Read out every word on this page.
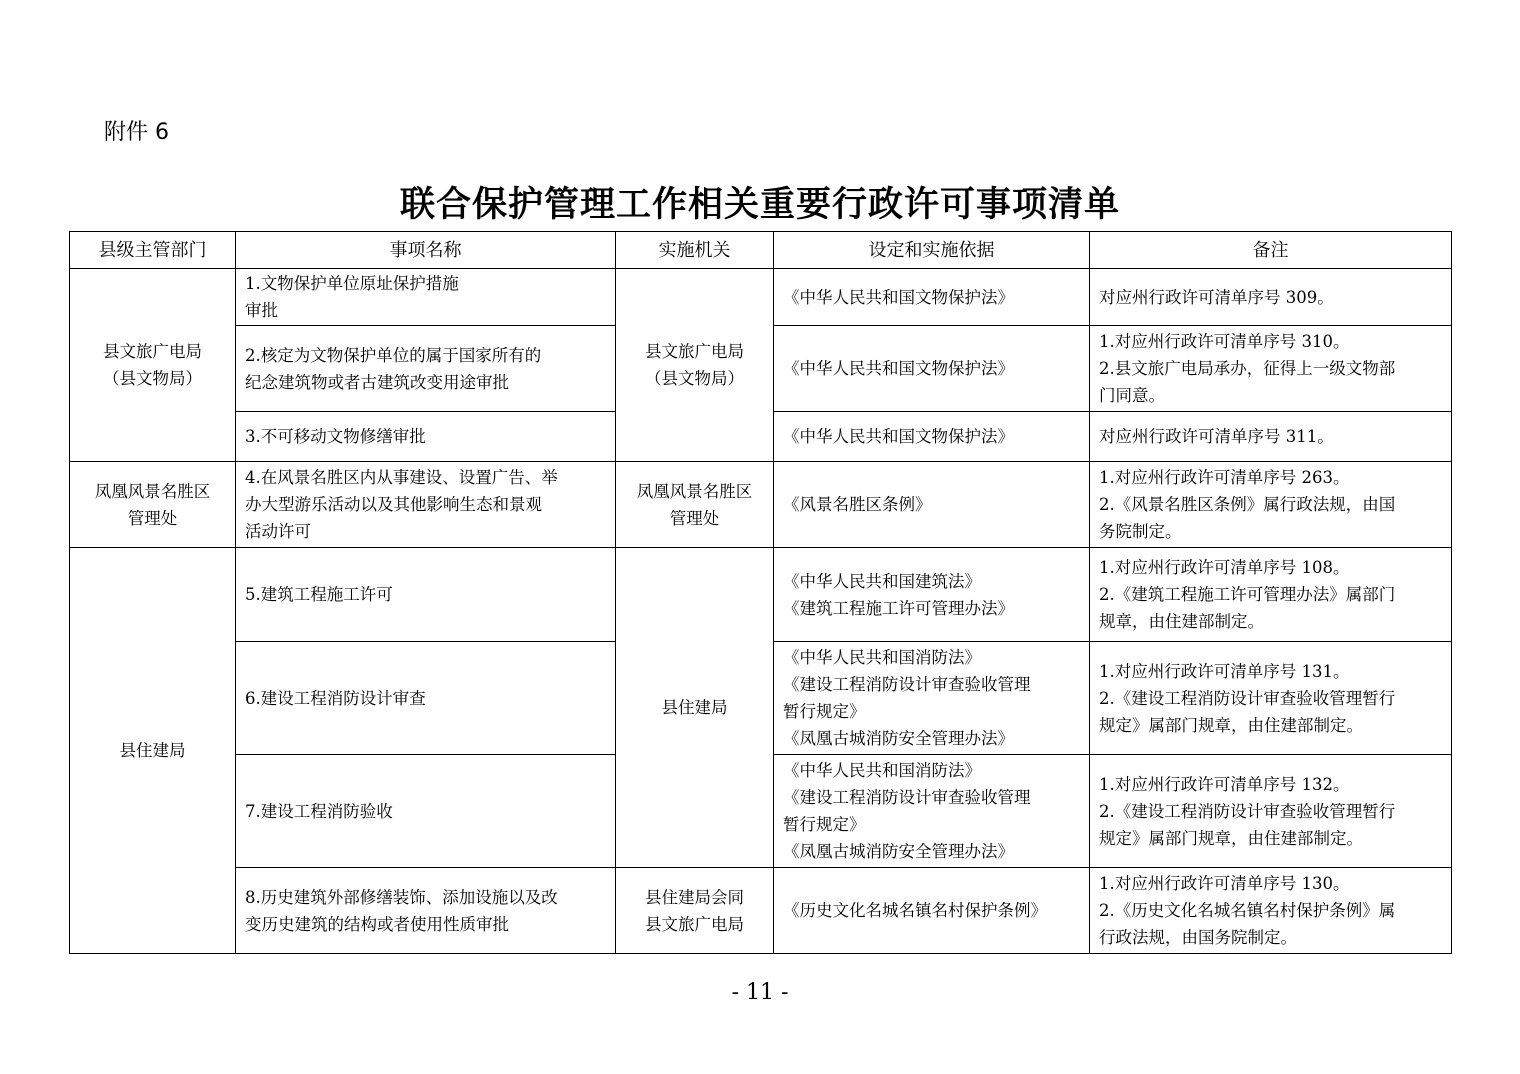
附件 6
联合保护管理工作相关重要行政许可事项清单
县级主管部门	事项名称	实施机关	设定和实施依据	备注

县文旅广电局
（县文物局）	1.文物保护单位原址保护措施
审批	县文旅广电局
（县文物局）	《中华人民共和国文物保护法》	对应州行政许可清单序号 309。

	2.核定为文物保护单位的属于国家所有的
纪念建筑物或者古建筑改变用途审批		《中华人民共和国文物保护法》	1.对应州行政许可清单序号 310。
2.县文旅广电局承办，征得上一级文物部
门同意。

	3.不可移动文物修缮审批		《中华人民共和国文物保护法》	对应州行政许可清单序号 311。

凤凰风景名胜区
管理处	4.在风景名胜区内从事建设、设置广告、举
办大型游乐活动以及其他影响生态和景观
活动许可	凤凰风景名胜区
管理处	《风景名胜区条例》	1.对应州行政许可清单序号 263。
2.《风景名胜区条例》属行政法规，由国
务院制定。

县住建局	5.建筑工程施工许可	县住建局	《中华人民共和国建筑法》
《建筑工程施工许可管理办法》	1.对应州行政许可清单序号 108。
2.《建筑工程施工许可管理办法》属部门
规章，由住建部制定。

	6.建设工程消防设计审查		《中华人民共和国消防法》
《建设工程消防设计审查验收管理
暂行规定》
《凤凰古城消防安全管理办法》	1.对应州行政许可清单序号 131。
2.《建设工程消防设计审查验收管理暂行
规定》属部门规章，由住建部制定。

	7.建设工程消防验收		《中华人民共和国消防法》
《建设工程消防设计审查验收管理
暂行规定》
《凤凰古城消防安全管理办法》	1.对应州行政许可清单序号 132。
2.《建设工程消防设计审查验收管理暂行
规定》属部门规章，由住建部制定。

	8.历史建筑外部修缮装饰、添加设施以及改
变历史建筑的结构或者使用性质审批	县住建局会同
县文旅广电局	《历史文化名城名镇名村保护条例》	1.对应州行政许可清单序号 130。
2.《历史文化名城名镇名村保护条例》属
行政法规，由国务院制定。
- 11 -
